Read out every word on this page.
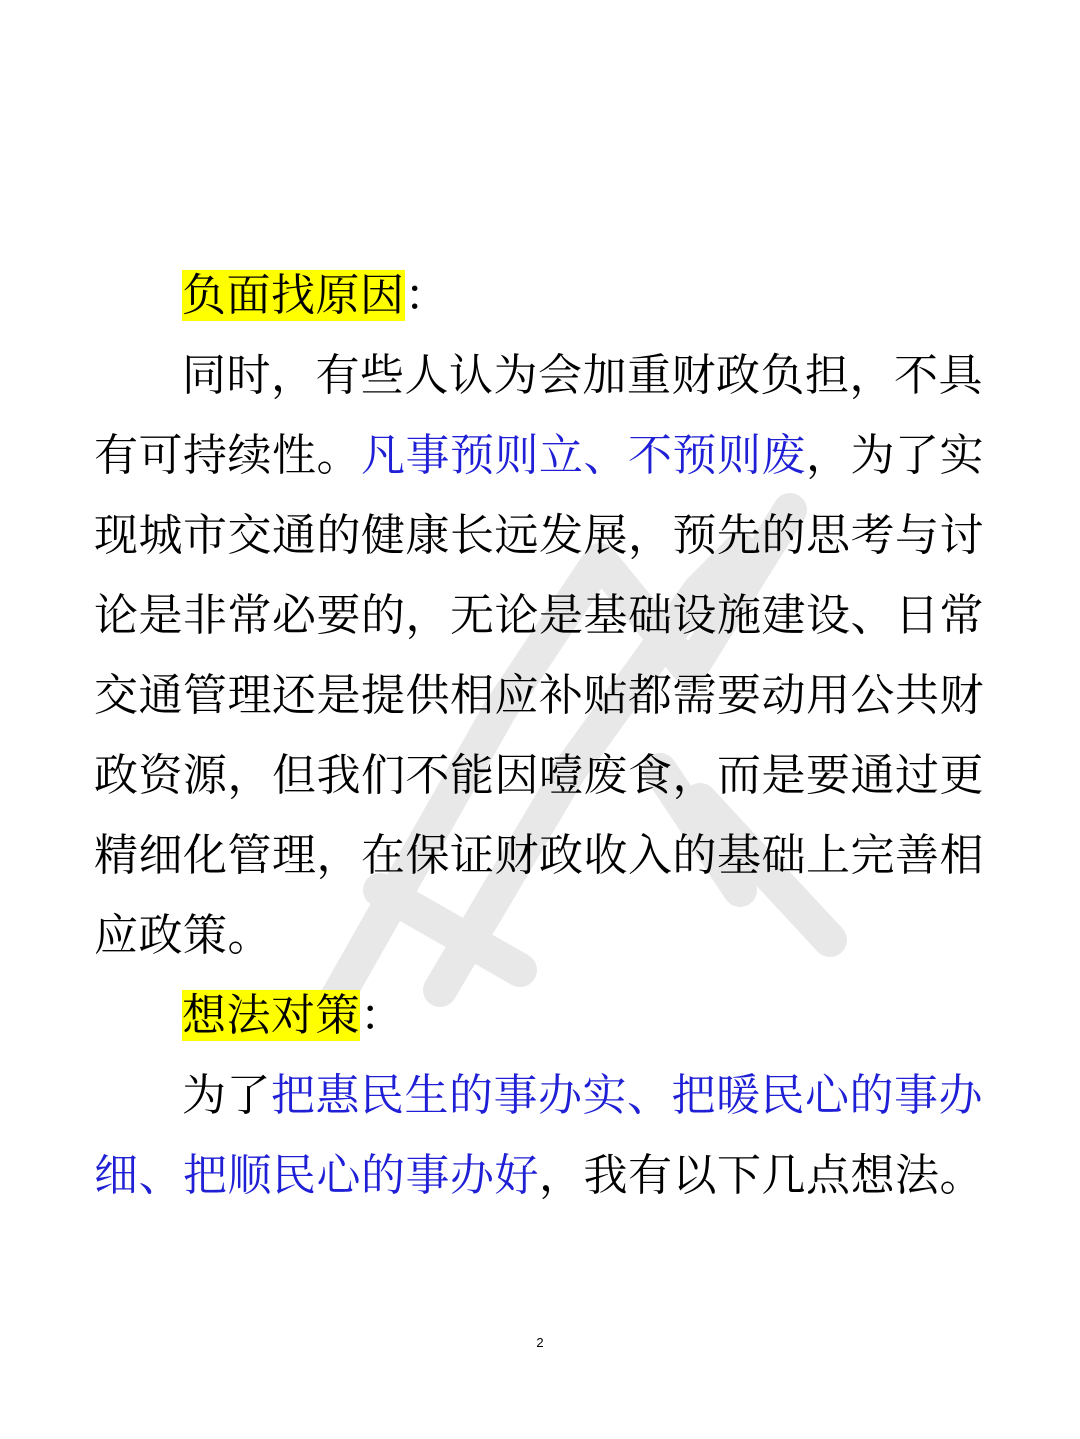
负面找原因：
同时，有些人认为会加重财政负担，不具
有可持续性。凡事预则立、不预则废，为了实
现城市交通的健康长远发展，预先的思考与讨
论是非常必要的，无论是基础设施建设、日常
交通管理还是提供相应补贴都需要动用公共财
政资源，但我们不能因噎废食，而是要通过更
精细化管理，在保证财政收入的基础上完善相
应政策。
想法对策：
为了把惠民生的事办实、把暖民心的事办
细、把顺民心的事办好，我有以下几点想法。
2
